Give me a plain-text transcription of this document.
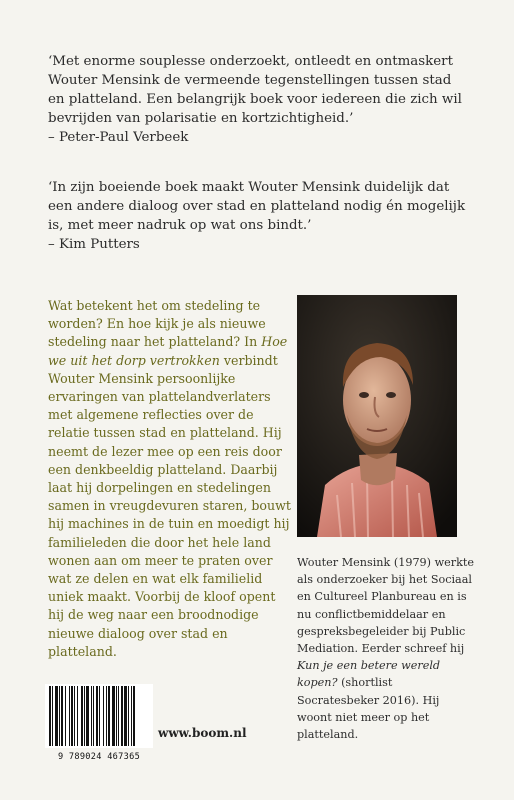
‘Met enorme souplesse onderzoekt, ontleedt en ontmaskert

Wouter Mensink de vermeende tegenstellingen tussen stad

en platteland. Een belangrijk boek voor iedereen die zich wil

bevrijden van polarisatie en kortzichtigheid.’

– Peter-Paul Verbeek

‘In zijn boeiende boek maakt Wouter Mensink duidelijk dat

een andere dialoog over stad en platteland nodig én mogelijk

is, met meer nadruk op wat ons bindt.’

– Kim Putters

Wat betekent het om stedeling te worden? En hoe kijk je als nieuwe stedeling naar het platteland? In Hoe we uit het dorp vertrokken verbindt Wouter Mensink persoonlijke ervaringen van plattelandverlaters met algemene reflecties over de relatie tussen stad en platteland. Hij neemt de lezer mee op een reis door een denkbeeldig platteland. Daarbij laat hij dorpelingen en stedelingen samen in vreugdevuren staren, bouwt hij machines in de tuin en moedigt hij familieleden die door het hele land wonen aan om meer te praten over wat ze delen en wat elk familielid uniek maakt. Voorbij de kloof opent hij de weg naar een broodnodige nieuwe dialoog over stad en platteland.
Wouter Mensink (1979) werkte als onderzoeker bij het Sociaal en Cultureel Planbureau en is nu conflictbemiddelaar en gespreksbegeleider bij Public Mediation. Eerder schreef hij Kun je een betere wereld kopen? (shortlist Socratesbeker 2016). Hij woont niet meer op het platteland.
9 789024 467365
www.boom.nl
